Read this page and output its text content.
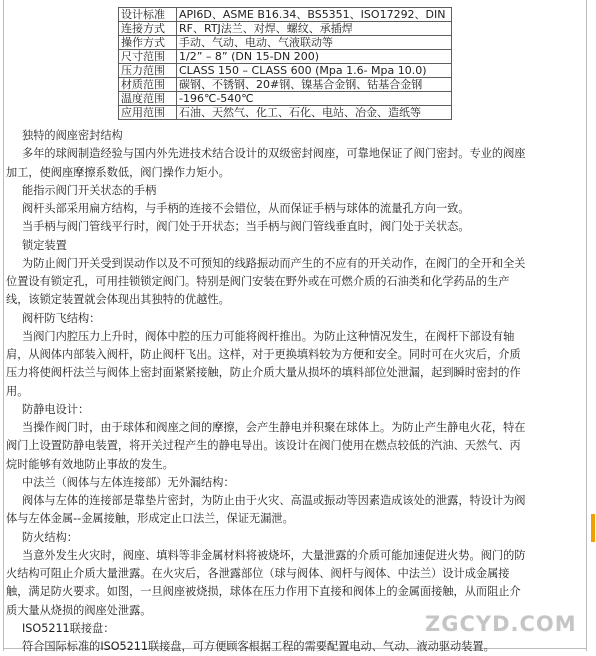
设计标准	API6D、ASME B16.34、BS5351、ISO17292、DIN
连接方式	RF、RTJ法兰、对焊、螺纹、承插焊
操作方式	手动、气动、电动、气液联动等
尺寸范围	1/2” – 8” (DN 15-DN 200)
压力范围	CLASS 150 – CLASS 600 (Mpa 1.6- Mpa 10.0)
材质范围	碳钢、不锈钢、20#钢、镍基合金钢、钴基合金钢
温度范围	-196℃-540℃
应用范围	石油、天然气、化工、石化、电站、冶金、造纸等

独特的阀座密封结构

多年的球阀制造经验与国内外先进技术结合设计的双级密封阀座，可靠地保证了阀门密封。专业的阀座

加工，使阀座摩擦系数低，阀门操作力矩小。

能指示阀门开关状态的手柄

阀杆头部采用扁方结构，与手柄的连接不会错位，从而保证手柄与球体的流量孔方向一致。

当手柄与阀门管线平行时，阀门处于开状态；当手柄与阀门管线垂直时，阀门处于关状态。

锁定装置

为防止阀门开关受到误动作以及不可预知的线路振动而产生的不应有的开关动作，在阀门的全开和全关

位置设有锁定孔，可用挂锁锁定阀门。特别是阀门安装在野外或在可燃介质的石油类和化学药品的生产

线，该锁定装置就会体现出其独特的优越性。

阀杆防飞结构：

当阀门内腔压力上升时，阀体中腔的压力可能将阀杆推出。为防止这种情况发生，在阀杆下部设有轴

肩，从阀体内部装入阀杆，防止阀杆飞出。这样，对于更换填料较为方便和安全。同时可在火灾后，介质

压力将使阀杆法兰与阀体上密封面紧紧接触，防止介质大量从损坏的填料部位处泄漏，起到瞬时密封的作

用。

防静电设计：

当操作阀门时，由于球体和阀座之间的摩擦，会产生静电并积聚在球体上。为防止产生静电火花，特在

阀门上设置防静电装置，将开关过程产生的静电导出。该设计在阀门使用在燃点较低的汽油、天然气、丙

烷时能够有效地防止事故的发生。

中法兰（阀体与左体连接部）无外漏结构：

阀体与左体的连接部是靠垫片密封，为防止由于火灾、高温或振动等因素造成该处的泄露，特设计为阀

体与左体金属--金属接触，形成定止口法兰，保证无漏泄。

防火结构：

当意外发生火灾时，阀座、填料等非金属材料将被烧坏，大量泄露的介质可能加速促进火势。阀门的防

火结构可阻止介质大量泄露。在火灾后，各泄露部位（球与阀体、阀杆与阀体、中法兰）设计成金属接

触，满足防火要求。如图，一旦阀座被烧损，球体在压力作用下直接和阀体上的金属面接触，从而阻止介

质大量从烧损的阀座处泄露。

ISO5211联接盘：

符合国际标准的ISO5211联接盘，可方便顾客根据工程的需要配置电动、气动、液动驱动装置。

ZGCYD.COM
